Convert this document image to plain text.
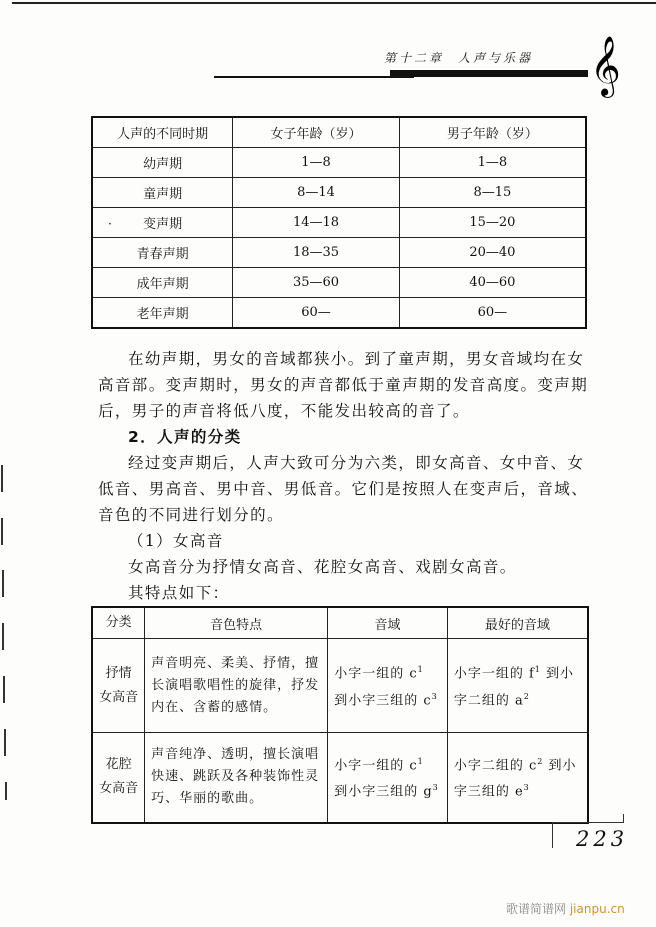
第十二章 人声与乐器 𝄞
人声的不同时期	女子年龄（岁）	男子年龄（岁）
幼声期	1—8	1—8
童声期	8—14	8—15
变声期	14—18	15—20
青春声期	18—35	20—40
成年声期	35—60	40—60
老年声期	60—	60—
·

在幼声期，男女的音域都狭小。到了童声期，男女音域均在女高音部。变声期时，男女的声音都低于童声期的发音高度。变声期后，男子的声音将低八度，不能发出较高的音了。

2．人声的分类

经过变声期后，人声大致可分为六类，即女高音、女中音、女低音、男高音、男中音、男低音。它们是按照人在变声后，音域、音色的不同进行划分的。

（1）女高音
女高音分为抒情女高音、花腔女高音、戏剧女高音。
其特点如下：
分类	音色特点	音域	最好的音域

抒情
女高音	声音明亮、柔美、抒情，擅长演唱歌唱性的旋律，抒发内在、含蓄的感情。	小字一组的 $c^1$ 到小字三组的 $c^3$	小字一组的 $f^1$ 到小字二组的 $a^2$

花腔
女高音	声音纯净、透明，擅长演唱快速、跳跃及各种装饰性灵巧、华丽的歌曲。	小字一组的 $c^1$ 到小字三组的 $g^3$	小字二组的 $c^2$ 到小字三组的 $e^3$
223
歌谱简谱网 jianpu.cn
